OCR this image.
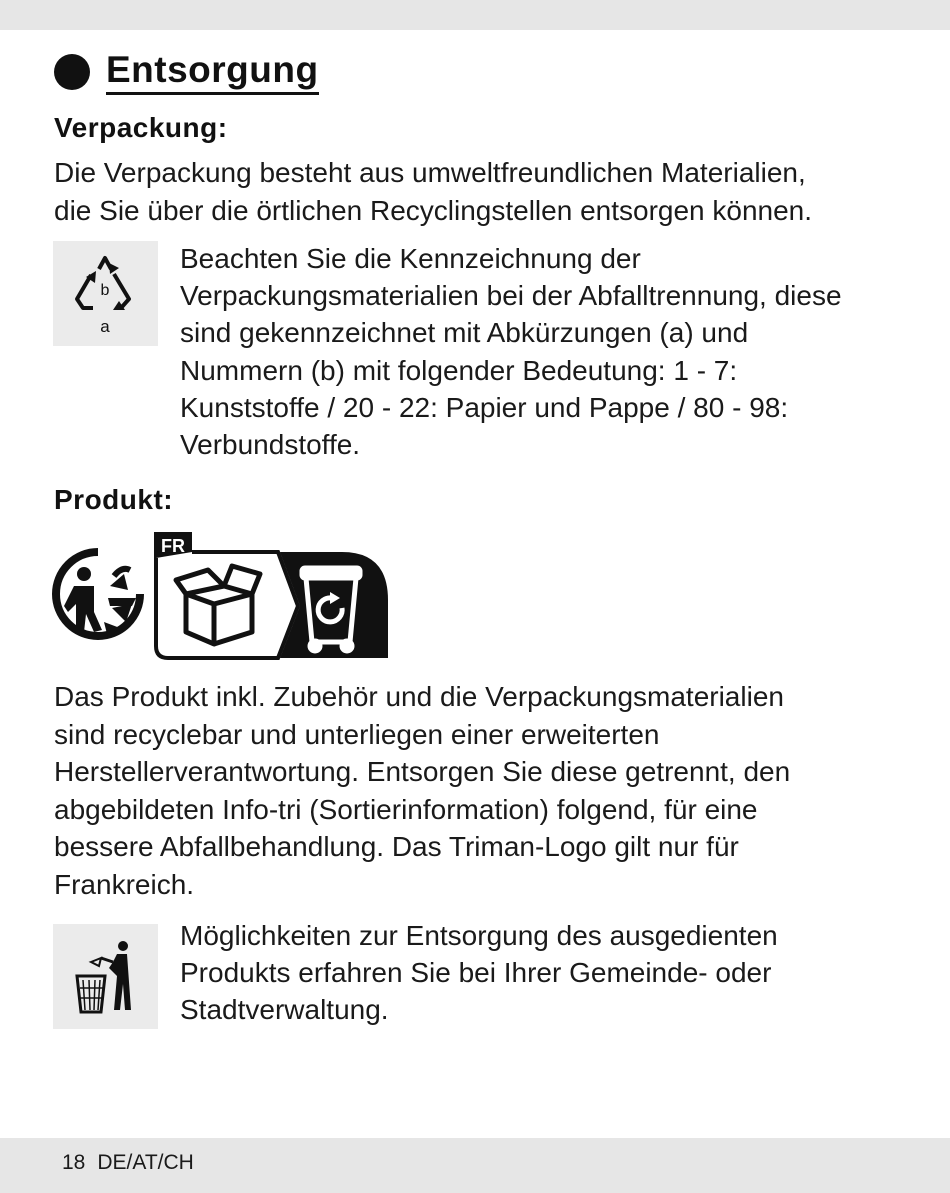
Entsorgung
Verpackung:
Die Verpackung besteht aus umweltfreundlichen Materialien,
die Sie über die örtlichen Recyclingstellen entsorgen können.
b
a
Beachten Sie die Kennzeichnung der
Verpackungsmaterialien bei der Abfalltrennung, diese
sind gekennzeichnet mit Abkürzungen (a) und
Nummern (b) mit folgender Bedeutung: 1 - 7:
Kunststoffe / 20 - 22: Papier und Pappe / 80 - 98:
Verbundstoffe.
Produkt:
FR
Das Produkt inkl. Zubehör und die Verpackungsmaterialien
sind recyclebar und unterliegen einer erweiterten
Herstellerverantwortung. Entsorgen Sie diese getrennt, den
abgebildeten Info-tri (Sortierinformation) folgend, für eine
bessere Abfallbehandlung. Das Triman-Logo gilt nur für
Frankreich.
Möglichkeiten zur Entsorgung des ausgedienten
Produkts erfahren Sie bei Ihrer Gemeinde- oder
Stadtverwaltung.
18 DE/AT/CH
